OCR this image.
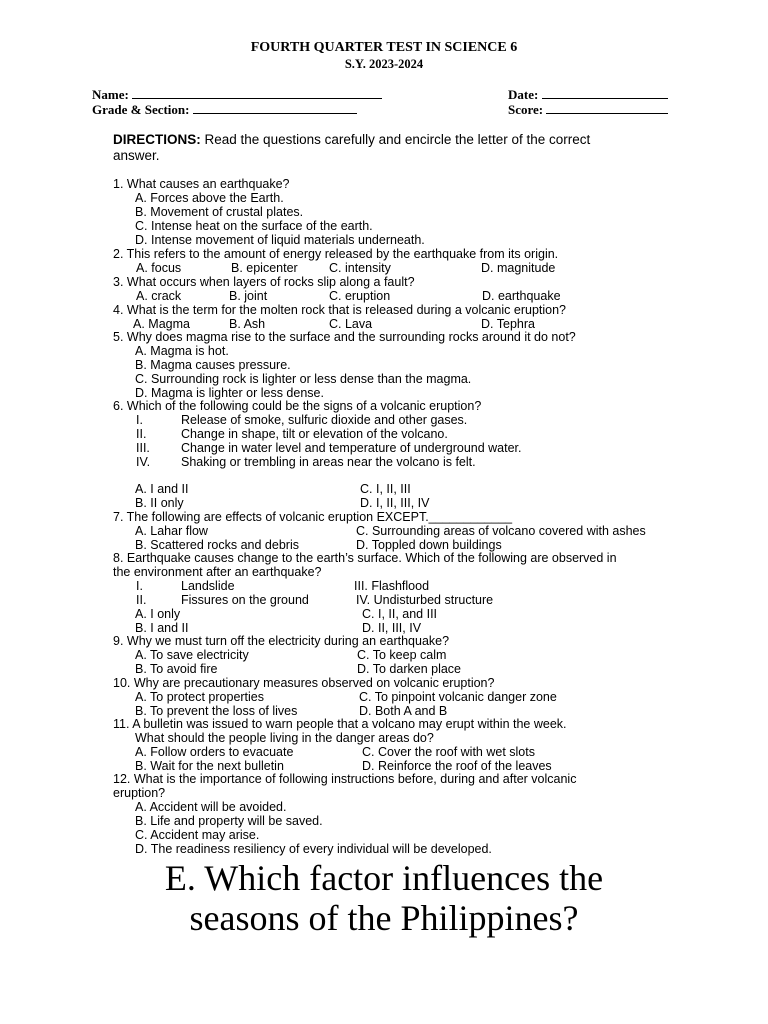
FOURTH QUARTER TEST IN SCIENCE 6
S.Y. 2023-2024
Name:	Date:
Grade & Section:	Score:
DIRECTIONS: Read the questions carefully and encircle the letter of the correct
answer.
1. What causes an earthquake?
A. Forces above the Earth.
B. Movement of crustal plates.
C. Intense heat on the surface of the earth.
D. Intense movement of liquid materials underneath.
2. This refers to the amount of energy released by the earthquake from its origin.
A. focus	B. epicenter	C. intensity	D. magnitude
3. What occurs when layers of rocks slip along a fault?
A. crack	B. joint	C. eruption	D. earthquake
4. What is the term for the molten rock that is released during a volcanic eruption?
A. Magma	B. Ash	C. Lava	D. Tephra
5. Why does magma rise to the surface and the surrounding rocks around it do not?
A. Magma is hot.
B. Magma causes pressure.
C. Surrounding rock is lighter or less dense than the magma.
D. Magma is lighter or less dense.
6. Which of the following could be the signs of a volcanic eruption?
I.	Release of smoke, sulfuric dioxide and other gases.
II.	Change in shape, tilt or elevation of the volcano.
III. Change in water level and temperature of underground water.
IV. Shaking or trembling in areas near the volcano is felt.
A. I and II	C. I, II, III
B. II only	D. I, II, III, IV
7. The following are effects of volcanic eruption EXCEPT.____________
A. Lahar flow	C. Surrounding areas of volcano covered with ashes
B. Scattered rocks and debris	D. Toppled down buildings
8. Earthquake causes change to the earth’s surface. Which of the following are observed in
the environment after an earthquake?
I.	Landslide	III. Flashflood
II.	Fissures on the ground	IV. Undisturbed structure
A. I only	C. I, II, and III
B. I and II	D. II, III, IV
9. Why we must turn off the electricity during an earthquake?
A. To save electricity	C. To keep calm
B. To avoid fire	D. To darken place
10. Why are precautionary measures observed on volcanic eruption?
A. To protect properties	C. To pinpoint volcanic danger zone
B. To prevent the loss of lives	D. Both A and B
11. A bulletin was issued to warn people that a volcano may erupt within the week.
What should the people living in the danger areas do?
A. Follow orders to evacuate	C. Cover the roof with wet slots
B. Wait for the next bulletin	D. Reinforce the roof of the leaves
12. What is the importance of following instructions before, during and after volcanic
eruption?
A. Accident will be avoided.
B. Life and property will be saved.
C. Accident may arise.
D. The readiness resiliency of every individual will be developed.
E. Which factor influences the
seasons of the Philippines?
